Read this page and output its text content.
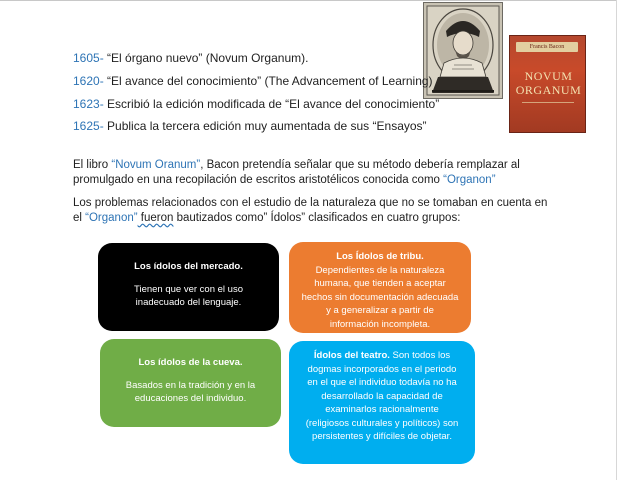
Francis Bacon
NOVUM
ORGANUM
1605- “El órgano nuevo” (Novum Organum).
1620- “El avance del conocimiento” (The Advancement of Learning)
1623- Escribió la edición modificada de “El avance del conocimiento”
1625- Publica la tercera edición muy aumentada de sus “Ensayos”
El libro “Novum Oranum”, Bacon pretendía señalar que su método debería remplazar al promulgado en una recopilación de escritos aristotélicos conocida como “Organon”
Los problemas relacionados con el estudio de la naturaleza que no se tomaban en cuenta en el “Organon” fueron bautizados como” Ídolos” clasificados en cuatro grupos:
Los ídolos del mercado.
Tienen que ver con el uso inadecuado del lenguaje.
Los Ídolos de tribu.
Dependientes de la naturaleza humana, que tienden a aceptar hechos sin documentación adecuada y a generalizar a partir de información incompleta.
Los ídolos de la cueva.
Basados en la tradición y en la educaciones del individuo.
Ídolos del teatro. Son todos los dogmas incorporados en el periodo en el que el individuo todavía no ha desarrollado la capacidad de examinarlos racionalmente (religiosos culturales y políticos) son persistentes y difíciles de objetar.
